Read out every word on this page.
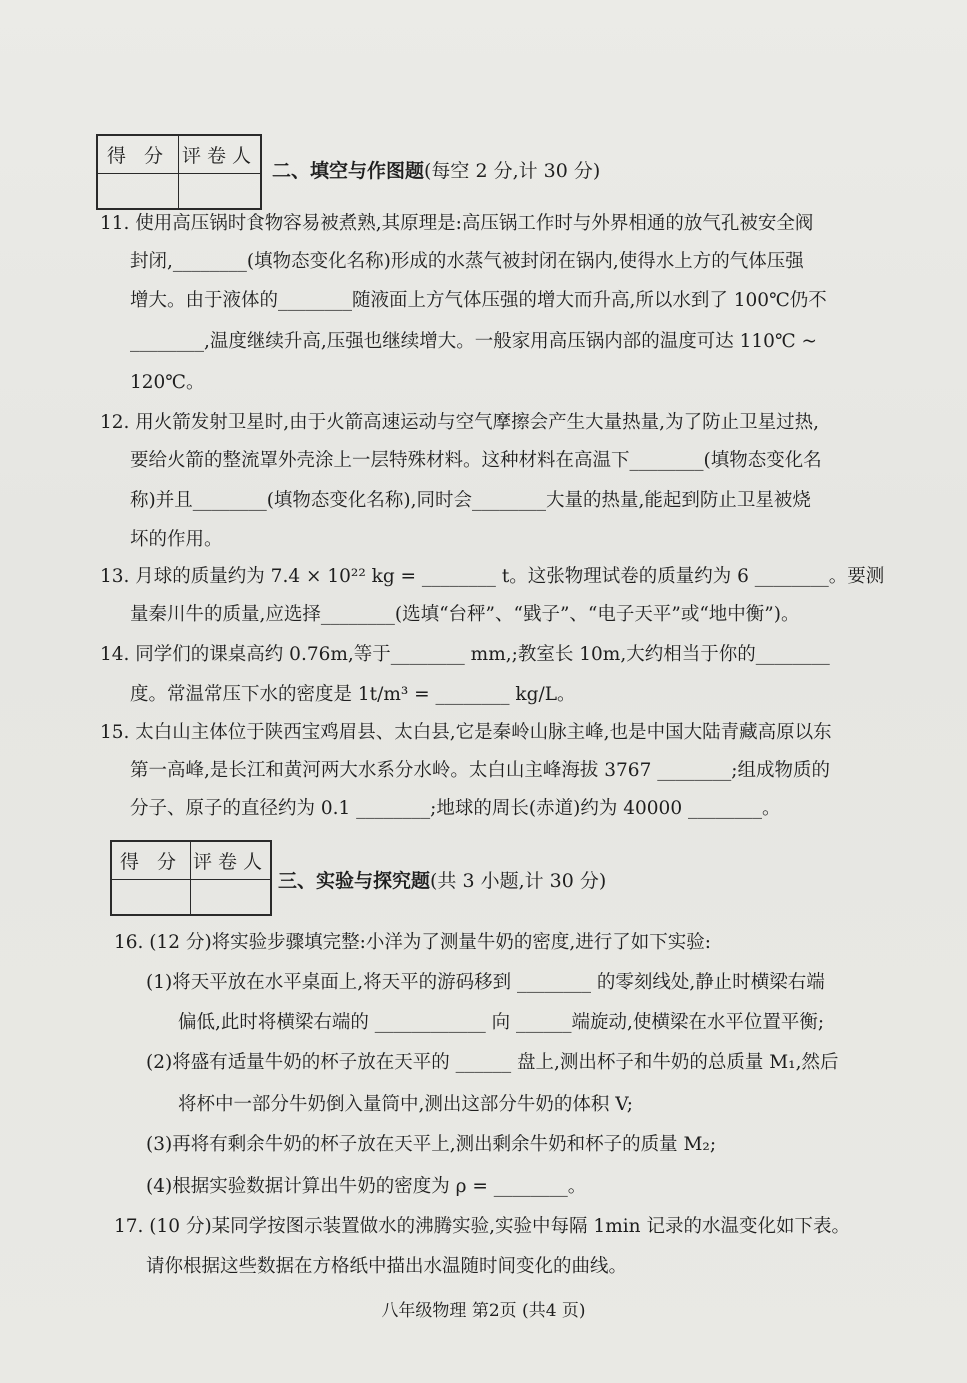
得 分 评卷人
二、填空与作图题(每空 2 分,计 30 分)
11. 使用高压锅时食物容易被煮熟,其原理是:高压锅工作时与外界相通的放气孔被安全阀
封闭,________(填物态变化名称)形成的水蒸气被封闭在锅内,使得水上方的气体压强
增大。由于液体的________随液面上方气体压强的增大而升高,所以水到了 100℃仍不
________,温度继续升高,压强也继续增大。一般家用高压锅内部的温度可达 110℃ ~
120℃。
12. 用火箭发射卫星时,由于火箭高速运动与空气摩擦会产生大量热量,为了防止卫星过热,
要给火箭的整流罩外壳涂上一层特殊材料。这种材料在高温下________(填物态变化名
称)并且________(填物态变化名称),同时会________大量的热量,能起到防止卫星被烧
坏的作用。
13. 月球的质量约为 7.4 × 10²² kg = ________ t。这张物理试卷的质量约为 6 ________。要测
量秦川牛的质量,应选择________(选填“台秤”、“戥子”、“电子天平”或“地中衡”)。
14. 同学们的课桌高约 0.76m,等于________ mm,;教室长 10m,大约相当于你的________
度。常温常压下水的密度是 1t/m³ = ________ kg/L。
15. 太白山主体位于陕西宝鸡眉县、太白县,它是秦岭山脉主峰,也是中国大陆青藏高原以东
第一高峰,是长江和黄河两大水系分水岭。太白山主峰海拔 3767 ________;组成物质的
分子、原子的直径约为 0.1 ________;地球的周长(赤道)约为 40000 ________。
得 分 评卷人
三、实验与探究题(共 3 小题,计 30 分)
16. (12 分)将实验步骤填完整:小洋为了测量牛奶的密度,进行了如下实验:
(1)将天平放在水平桌面上,将天平的游码移到 ________ 的零刻线处,静止时横梁右端
偏低,此时将横梁右端的 ____________ 向 ______端旋动,使横梁在水平位置平衡;
(2)将盛有适量牛奶的杯子放在天平的 ______ 盘上,测出杯子和牛奶的总质量 M₁,然后
将杯中一部分牛奶倒入量筒中,测出这部分牛奶的体积 V;
(3)再将有剩余牛奶的杯子放在天平上,测出剩余牛奶和杯子的质量 M₂;
(4)根据实验数据计算出牛奶的密度为 ρ = ________。
17. (10 分)某同学按图示装置做水的沸腾实验,实验中每隔 1min 记录的水温变化如下表。
请你根据这些数据在方格纸中描出水温随时间变化的曲线。
八年级物理 第2页 (共4 页)
